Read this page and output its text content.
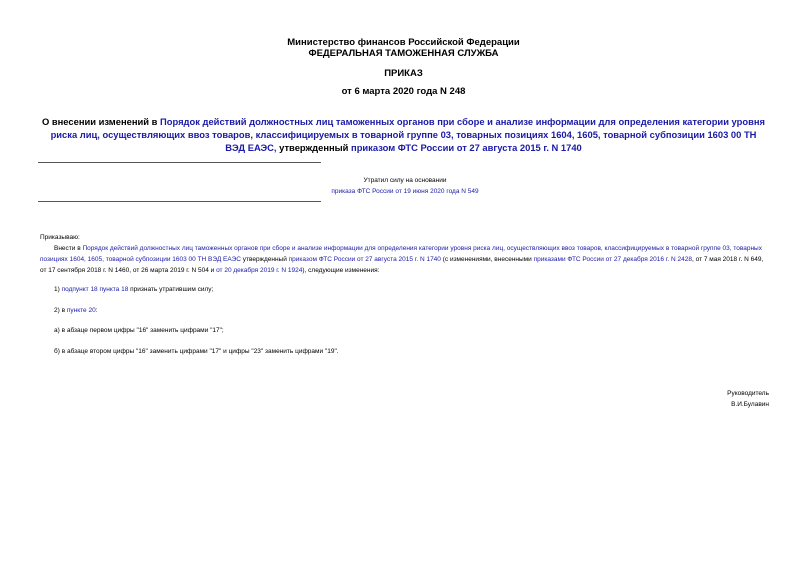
Министерство финансов Российской Федерации
ФЕДЕРАЛЬНАЯ ТАМОЖЕННАЯ СЛУЖБА
ПРИКАЗ
от 6 марта 2020 года N 248
О внесении изменений в Порядок действий должностных лиц таможенных органов при сборе и анализе информации для определения категории уровня риска лиц, осуществляющих ввоз товаров, классифицируемых в товарной группе 03, товарных позициях 1604, 1605, товарной субпозиции 1603 00 ТН ВЭД ЕАЭС, утвержденный приказом ФТС России от 27 августа 2015 г. N 1740
Утратил силу на основании
приказа ФТС России от 19 июня 2020 года N 549
Приказываю:
Внести в Порядок действий должностных лиц таможенных органов при сборе и анализе информации для определения категории уровня риска лиц, осуществляющих ввоз товаров, классифицируемых в товарной группе 03, товарных позициях 1604, 1605, товарной субпозиции 1603 00 ТН ВЭД ЕАЭС утвержденный приказом ФТС России от 27 августа 2015 г. N 1740 (с изменениями, внесенными приказами ФТС России от 27 декабря 2016 г. N 2428, от 7 мая 2018 г. N 649, от 17 сентября 2018 г. N 1460, от 26 марта 2019 г. N 504 и от 20 декабря 2019 г. N 1924), следующие изменения:
1) подпункт 18 пункта 18 признать утратившим силу;
2) в пункте 20:
а) в абзаце первом цифры "16" заменить цифрами "17";
б) в абзаце втором цифры "16" заменить цифрами "17" и цифры "23" заменить цифрами "19".
Руководитель
В.И.Булавин
